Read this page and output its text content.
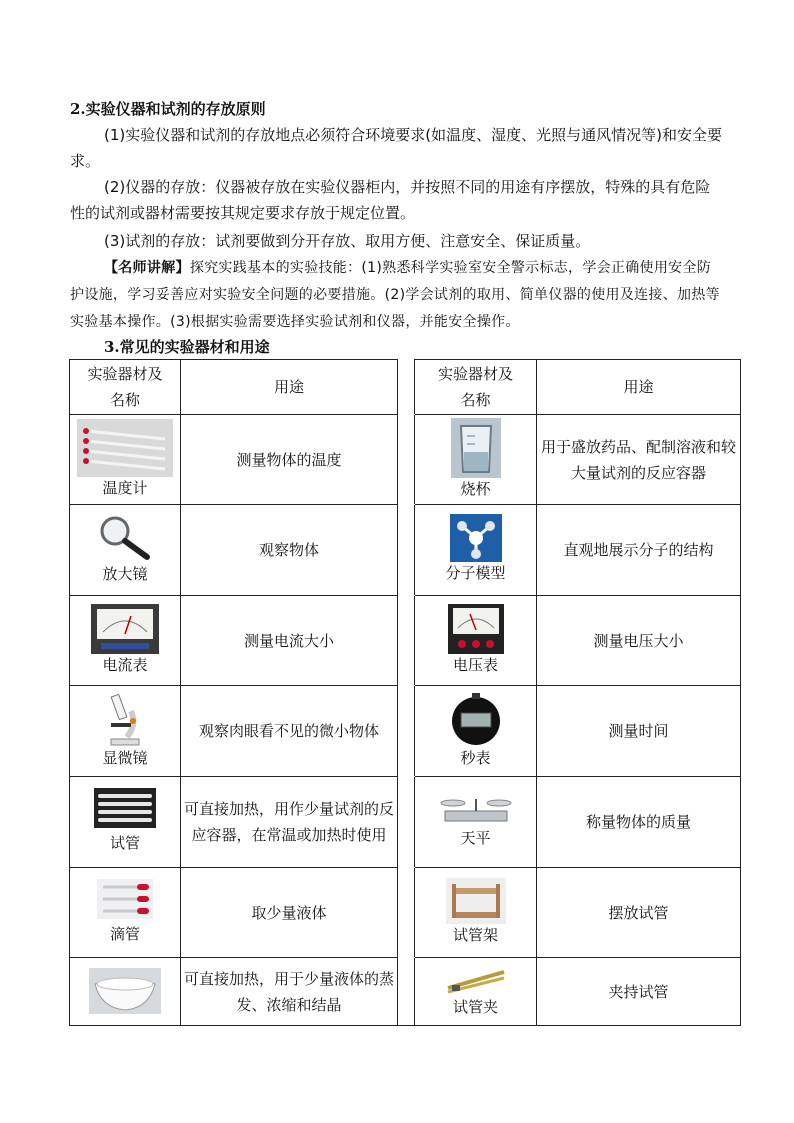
2.实验仪器和试剂的存放原则
(1)实验仪器和试剂的存放地点必须符合环境要求(如温度、湿度、光照与通风情况等)和安全要求。
(2)仪器的存放：仪器被存放在实验仪器柜内，并按照不同的用途有序摆放，特殊的具有危险性的试剂或器材需要按其规定要求存放于规定位置。
(3)试剂的存放：试剂要做到分开存放、取用方便、注意安全、保证质量。
【名师讲解】探究实践基本的实验技能：(1)熟悉科学实验室安全警示标志，学会正确使用安全防护设施，学习妥善应对实验安全问题的必要措施。(2)学会试剂的取用、简单仪器的使用及连接、加热等实验基本操作。(3)根据实验需要选择实验试剂和仪器，并能安全操作。
3.常见的实验器材和用途
实验器材及名称	用途		实验器材及名称	用途

温度计	测量物体的温度		烧杯	用于盛放药品、配制溶液和较大量试剂的反应容器

放大镜	观察物体		分子模型	直观地展示分子的结构

电流表	测量电流大小		电压表	测量电压大小

显微镜	观察肉眼看不见的微小物体		秒表	测量时间

试管	可直接加热，用作少量试剂的反应容器，在常温或加热时使用		天平	称量物体的质量

滴管	取少量液体		试管架	摆放试管

	可直接加热，用于少量液体的蒸发、浓缩和结晶		试管夹	夹持试管
